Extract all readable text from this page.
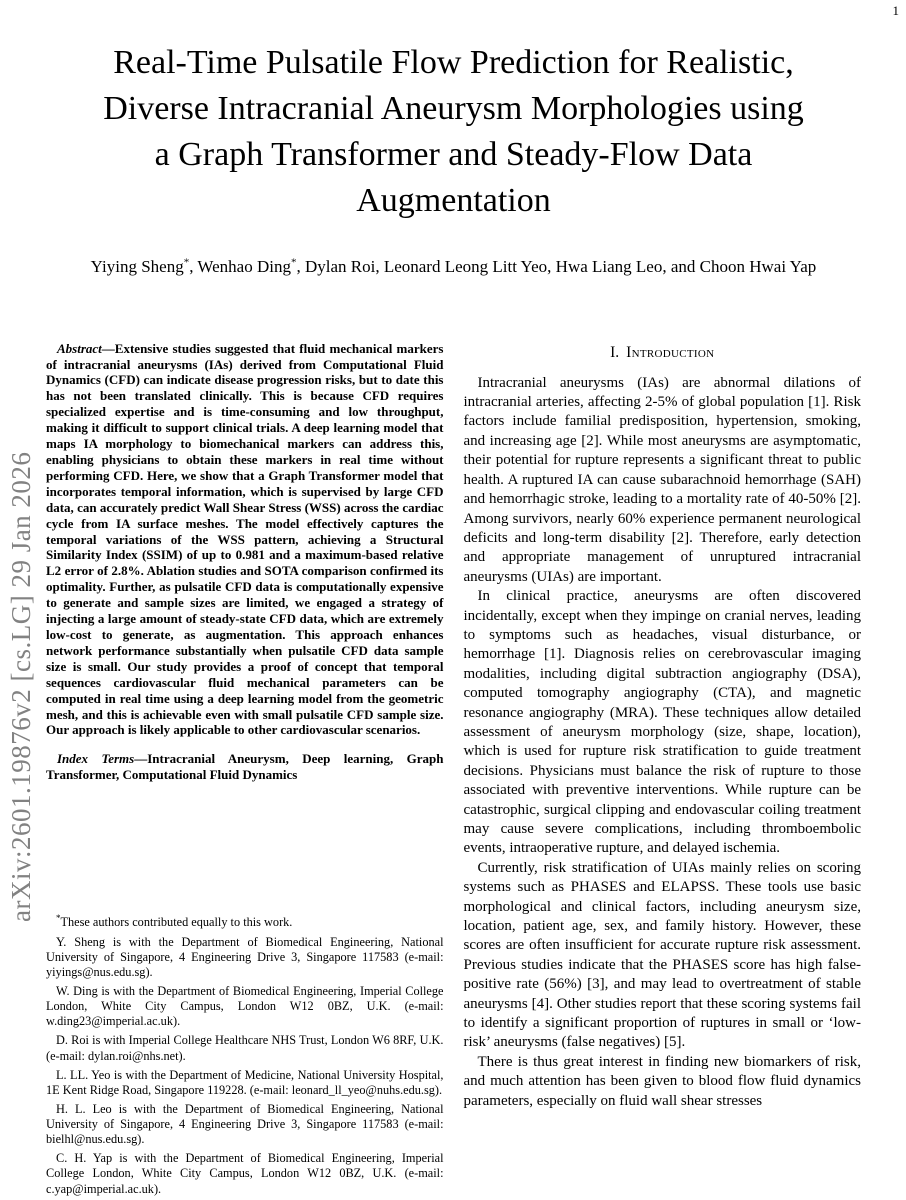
1
arXiv:2601.19876v2 [cs.LG] 29 Jan 2026
Real-Time Pulsatile Flow Prediction for Realistic,
Diverse Intracranial Aneurysm Morphologies using
a Graph Transformer and Steady-Flow Data
Augmentation
Yiying Sheng*, Wenhao Ding*, Dylan Roi, Leonard Leong Litt Yeo, Hwa Liang Leo, and Choon Hwai Yap

Abstract—Extensive studies suggested that fluid mechanical markers of intracranial aneurysms (IAs) derived from Computational Fluid Dynamics (CFD) can indicate disease progression risks, but to date this has not been translated clinically. This is because CFD requires specialized expertise and is time-consuming and low throughput, making it difficult to support clinical trials. A deep learning model that maps IA morphology to biomechanical markers can address this, enabling physicians to obtain these markers in real time without performing CFD. Here, we show that a Graph Transformer model that incorporates temporal information, which is supervised by large CFD data, can accurately predict Wall Shear Stress (WSS) across the cardiac cycle from IA surface meshes. The model effectively captures the temporal variations of the WSS pattern, achieving a Structural Similarity Index (SSIM) of up to 0.981 and a maximum-based relative L2 error of 2.8%. Ablation studies and SOTA comparison confirmed its optimality. Further, as pulsatile CFD data is computationally expensive to generate and sample sizes are limited, we engaged a strategy of injecting a large amount of steady-state CFD data, which are extremely low-cost to generate, as augmentation. This approach enhances network performance substantially when pulsatile CFD data sample size is small. Our study provides a proof of concept that temporal sequences cardiovascular fluid mechanical parameters can be computed in real time using a deep learning model from the geometric mesh, and this is achievable even with small pulsatile CFD sample size. Our approach is likely applicable to other cardiovascular scenarios.

Index Terms—Intracranial Aneurysm, Deep learning, Graph Transformer, Computational Fluid Dynamics

*These authors contributed equally to this work.

Y. Sheng is with the Department of Biomedical Engineering, National University of Singapore, 4 Engineering Drive 3, Singapore 117583 (e-mail: yiyings@nus.edu.sg).

W. Ding is with the Department of Biomedical Engineering, Imperial College London, White City Campus, London W12 0BZ, U.K. (e-mail: w.ding23@imperial.ac.uk).

D. Roi is with Imperial College Healthcare NHS Trust, London W6 8RF, U.K. (e-mail: dylan.roi@nhs.net).

L. LL. Yeo is with the Department of Medicine, National University Hospital, 1E Kent Ridge Road, Singapore 119228. (e-mail: leonard_ll_yeo@nuhs.edu.sg).

H. L. Leo is with the Department of Biomedical Engineering, National University of Singapore, 4 Engineering Drive 3, Singapore 117583 (e-mail: bielhl@nus.edu.sg).

C. H. Yap is with the Department of Biomedical Engineering, Imperial College London, White City Campus, London W12 0BZ, U.K. (e-mail: c.yap@imperial.ac.uk).

I. Introduction

Intracranial aneurysms (IAs) are abnormal dilations of intracranial arteries, affecting 2-5% of global population [1]. Risk factors include familial predisposition, hypertension, smoking, and increasing age [2]. While most aneurysms are asymptomatic, their potential for rupture represents a significant threat to public health. A ruptured IA can cause subarachnoid hemorrhage (SAH) and hemorrhagic stroke, leading to a mortality rate of 40-50% [2]. Among survivors, nearly 60% experience permanent neurological deficits and long-term disability [2]. Therefore, early detection and appropriate management of unruptured intracranial aneurysms (UIAs) are important.

In clinical practice, aneurysms are often discovered incidentally, except when they impinge on cranial nerves, leading to symptoms such as headaches, visual disturbance, or hemorrhage [1]. Diagnosis relies on cerebrovascular imaging modalities, including digital subtraction angiography (DSA), computed tomography angiography (CTA), and magnetic resonance angiography (MRA). These techniques allow detailed assessment of aneurysm morphology (size, shape, location), which is used for rupture risk stratification to guide treatment decisions. Physicians must balance the risk of rupture to those associated with preventive interventions. While rupture can be catastrophic, surgical clipping and endovascular coiling treatment may cause severe complications, including thromboembolic events, intraoperative rupture, and delayed ischemia.

Currently, risk stratification of UIAs mainly relies on scoring systems such as PHASES and ELAPSS. These tools use basic morphological and clinical factors, including aneurysm size, location, patient age, sex, and family history. However, these scores are often insufficient for accurate rupture risk assessment. Previous studies indicate that the PHASES score has high false-positive rate (56%) [3], and may lead to overtreatment of stable aneurysms [4]. Other studies report that these scoring systems fail to identify a significant proportion of ruptures in small or ‘low-risk’ aneurysms (false negatives) [5].

There is thus great interest in finding new biomarkers of risk, and much attention has been given to blood flow fluid dynamics parameters, especially on fluid wall shear stresses
